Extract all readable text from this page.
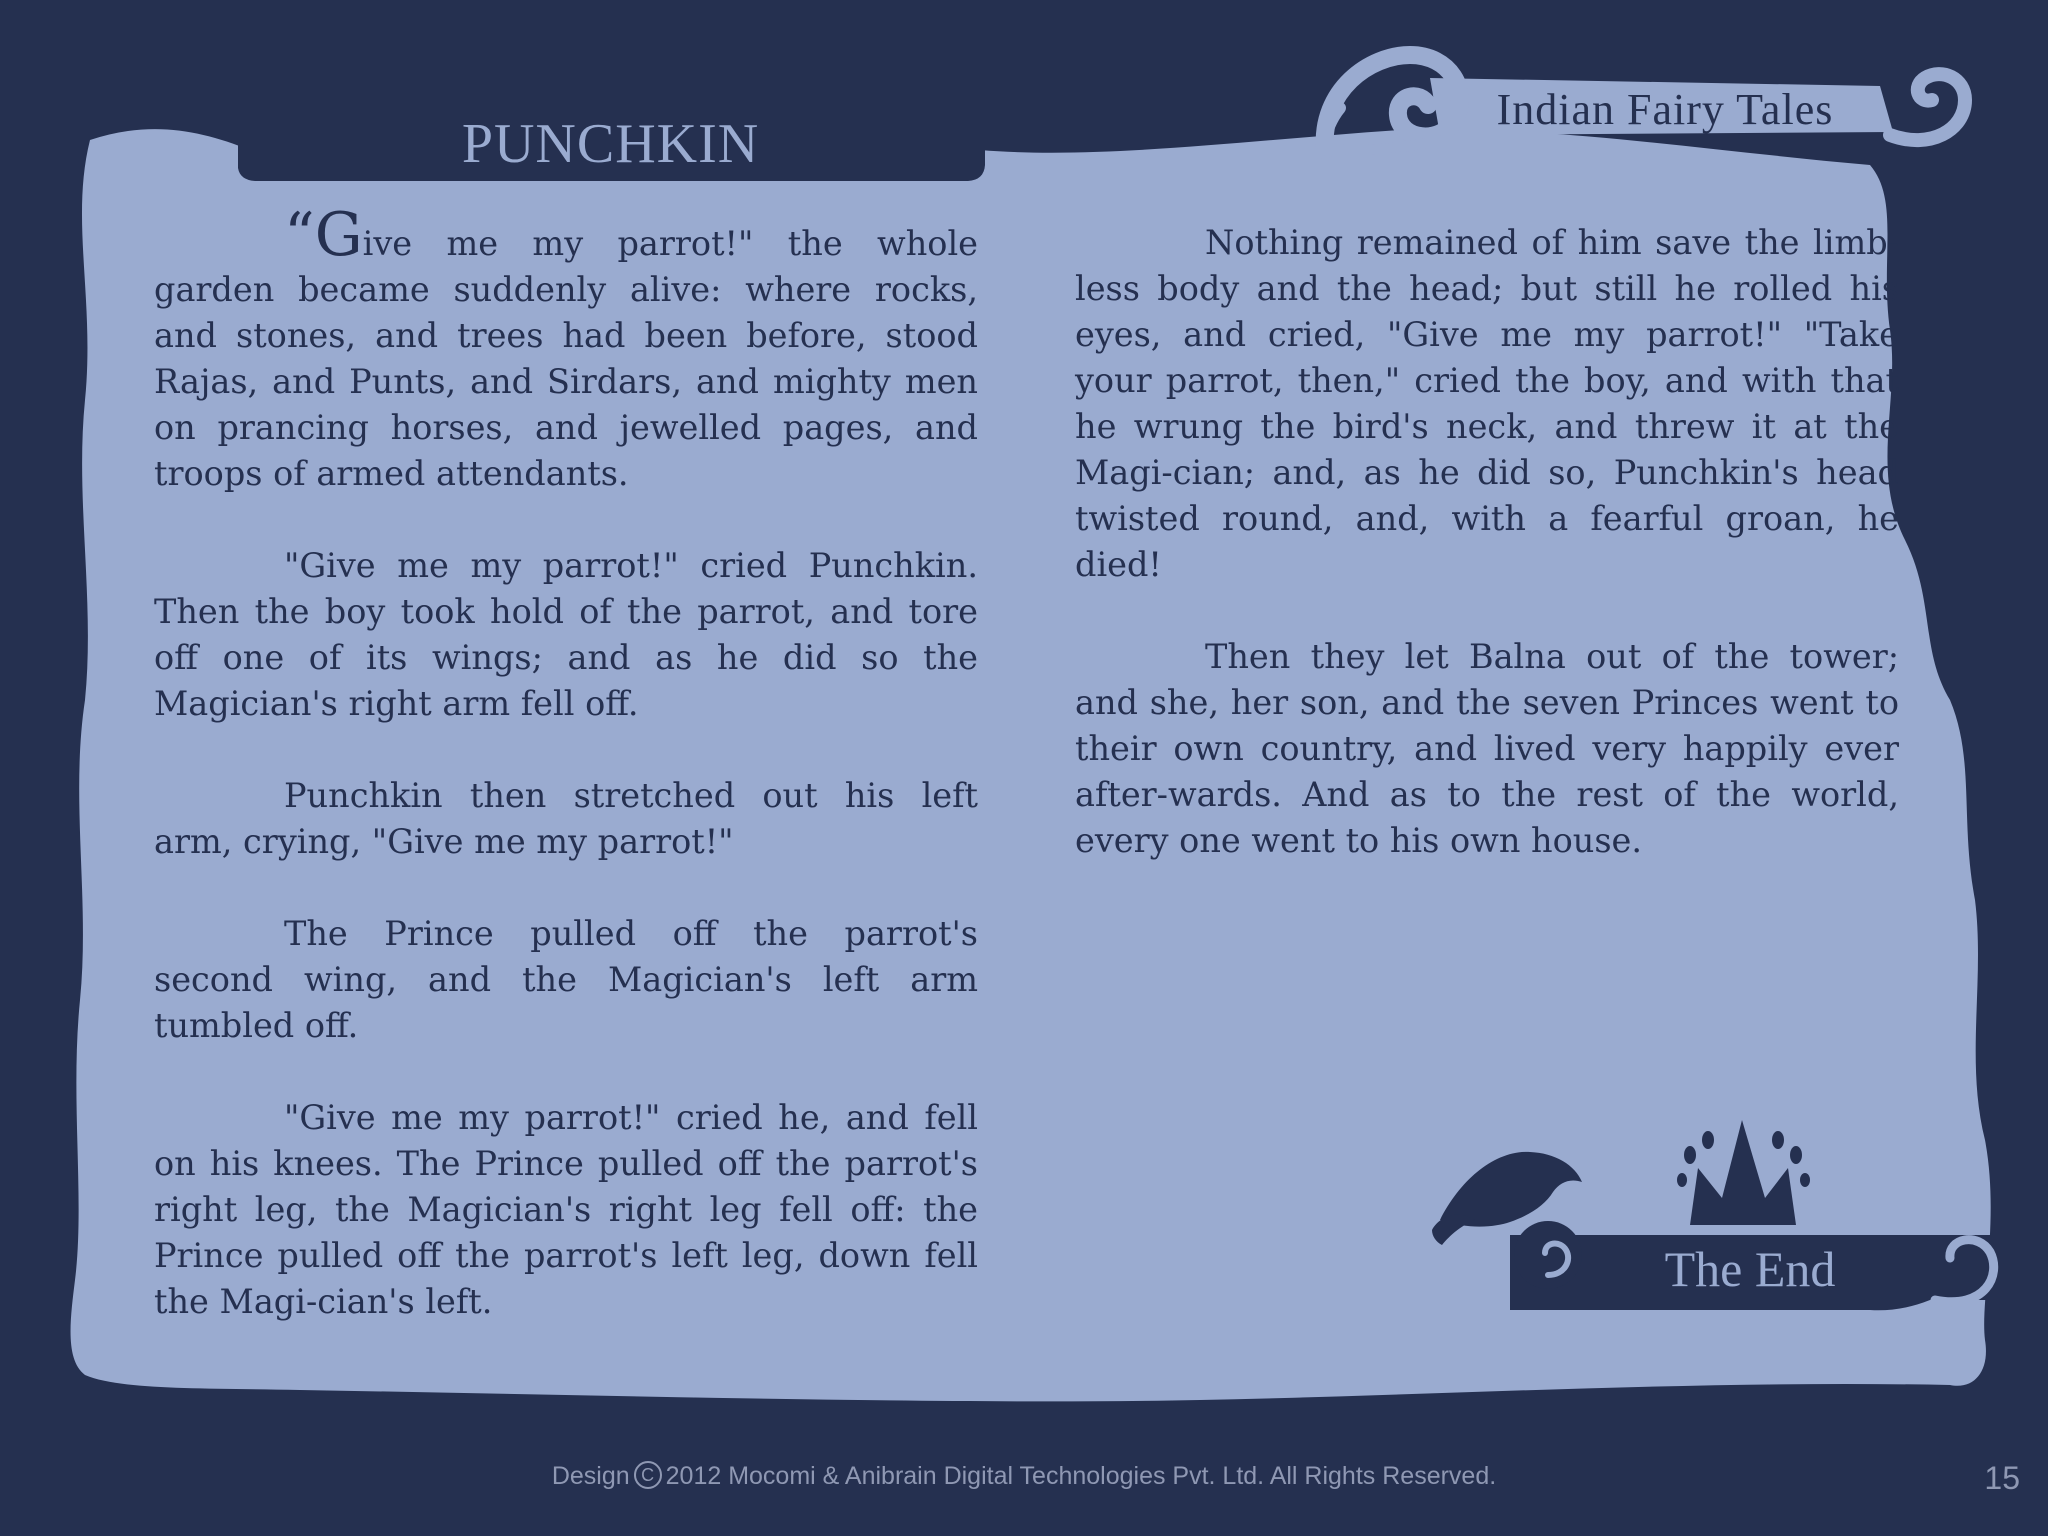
PUNCHKIN
Indian Fairy Tales

“Give me my parrot!" the whole garden became suddenly alive: where rocks, and stones, and trees had been before, stood Rajas, and Punts, and Sirdars, and mighty men on prancing horses, and jewelled pages, and troops of armed attendants.

"Give me my parrot!" cried Punchkin. Then the boy took hold of the parrot, and tore off one of its wings; and as he did so the Magician's right arm fell off.

Punchkin then stretched out his left arm, crying, "Give me my parrot!"

The Prince pulled off the parrot's second wing, and the Magician's left arm tumbled off.

"Give me my parrot!" cried he, and fell on his knees. The Prince pulled off the parrot's right leg, the Magician's right leg fell off: the Prince pulled off the parrot's left leg, down fell the Magi-cian's left.

Nothing remained of him save the limb-less body and the head; but still he rolled his eyes, and cried, "Give me my parrot!" "Take your parrot, then," cried the boy, and with that he wrung the bird's neck, and threw it at the Magi-cian; and, as he did so, Punchkin's head twisted round, and, with a fearful groan, he died!

Then they let Balna out of the tower; and she, her son, and the seven Princes went to their own country, and lived very happily ever after-wards. And as to the rest of the world, every one went to his own house.

The End
Design C 2012 Mocomi & Anibrain Digital Technologies Pvt. Ltd. All Rights Reserved.	15
